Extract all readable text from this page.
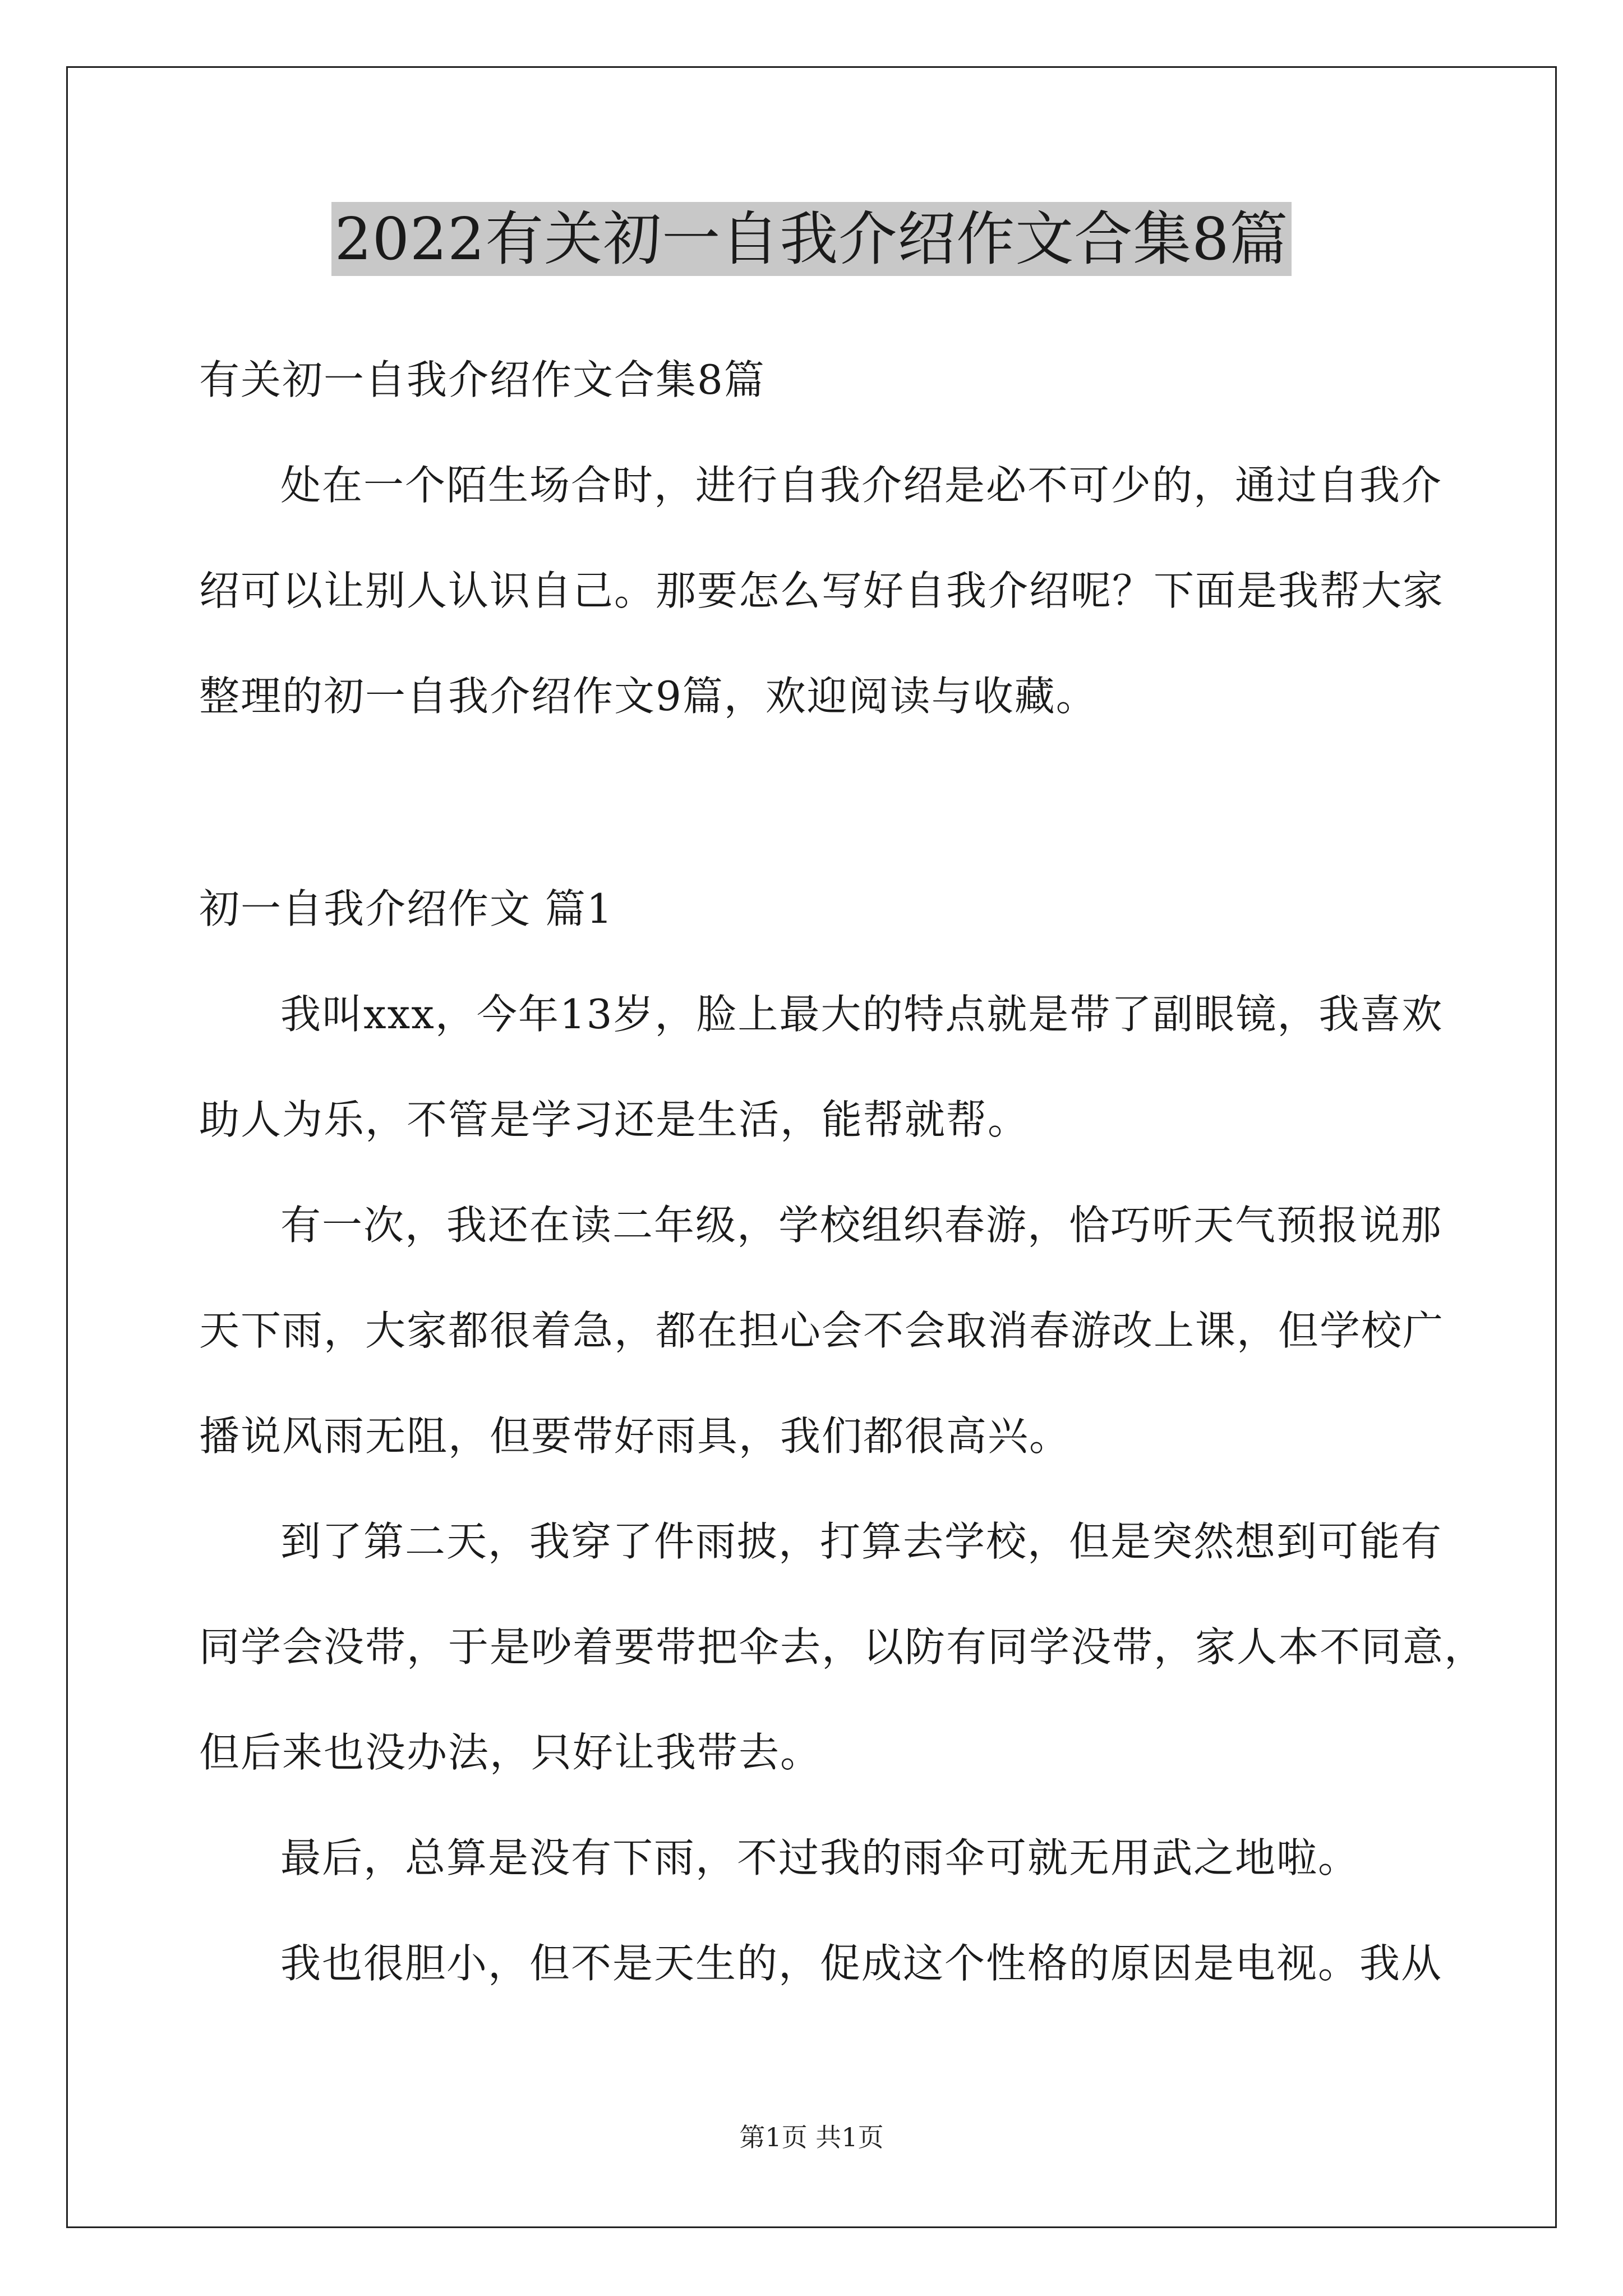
2022有关初一自我介绍作文合集8篇
有关初一自我介绍作文合集8篇
处在一个陌生场合时，进行自我介绍是必不可少的，通过自我介
绍可以让别人认识自己。那要怎么写好自我介绍呢？下面是我帮大家
整理的初一自我介绍作文9篇，欢迎阅读与收藏。
初一自我介绍作文 篇1
我叫xxx，今年13岁，脸上最大的特点就是带了副眼镜，我喜欢
助人为乐，不管是学习还是生活，能帮就帮。
有一次，我还在读二年级，学校组织春游，恰巧听天气预报说那
天下雨，大家都很着急，都在担心会不会取消春游改上课，但学校广
播说风雨无阻，但要带好雨具，我们都很高兴。
到了第二天，我穿了件雨披，打算去学校，但是突然想到可能有
同学会没带，于是吵着要带把伞去，以防有同学没带，家人本不同意，
但后来也没办法，只好让我带去。
最后，总算是没有下雨，不过我的雨伞可就无用武之地啦。
我也很胆小，但不是天生的，促成这个性格的原因是电视。我从
第1页 共1页
